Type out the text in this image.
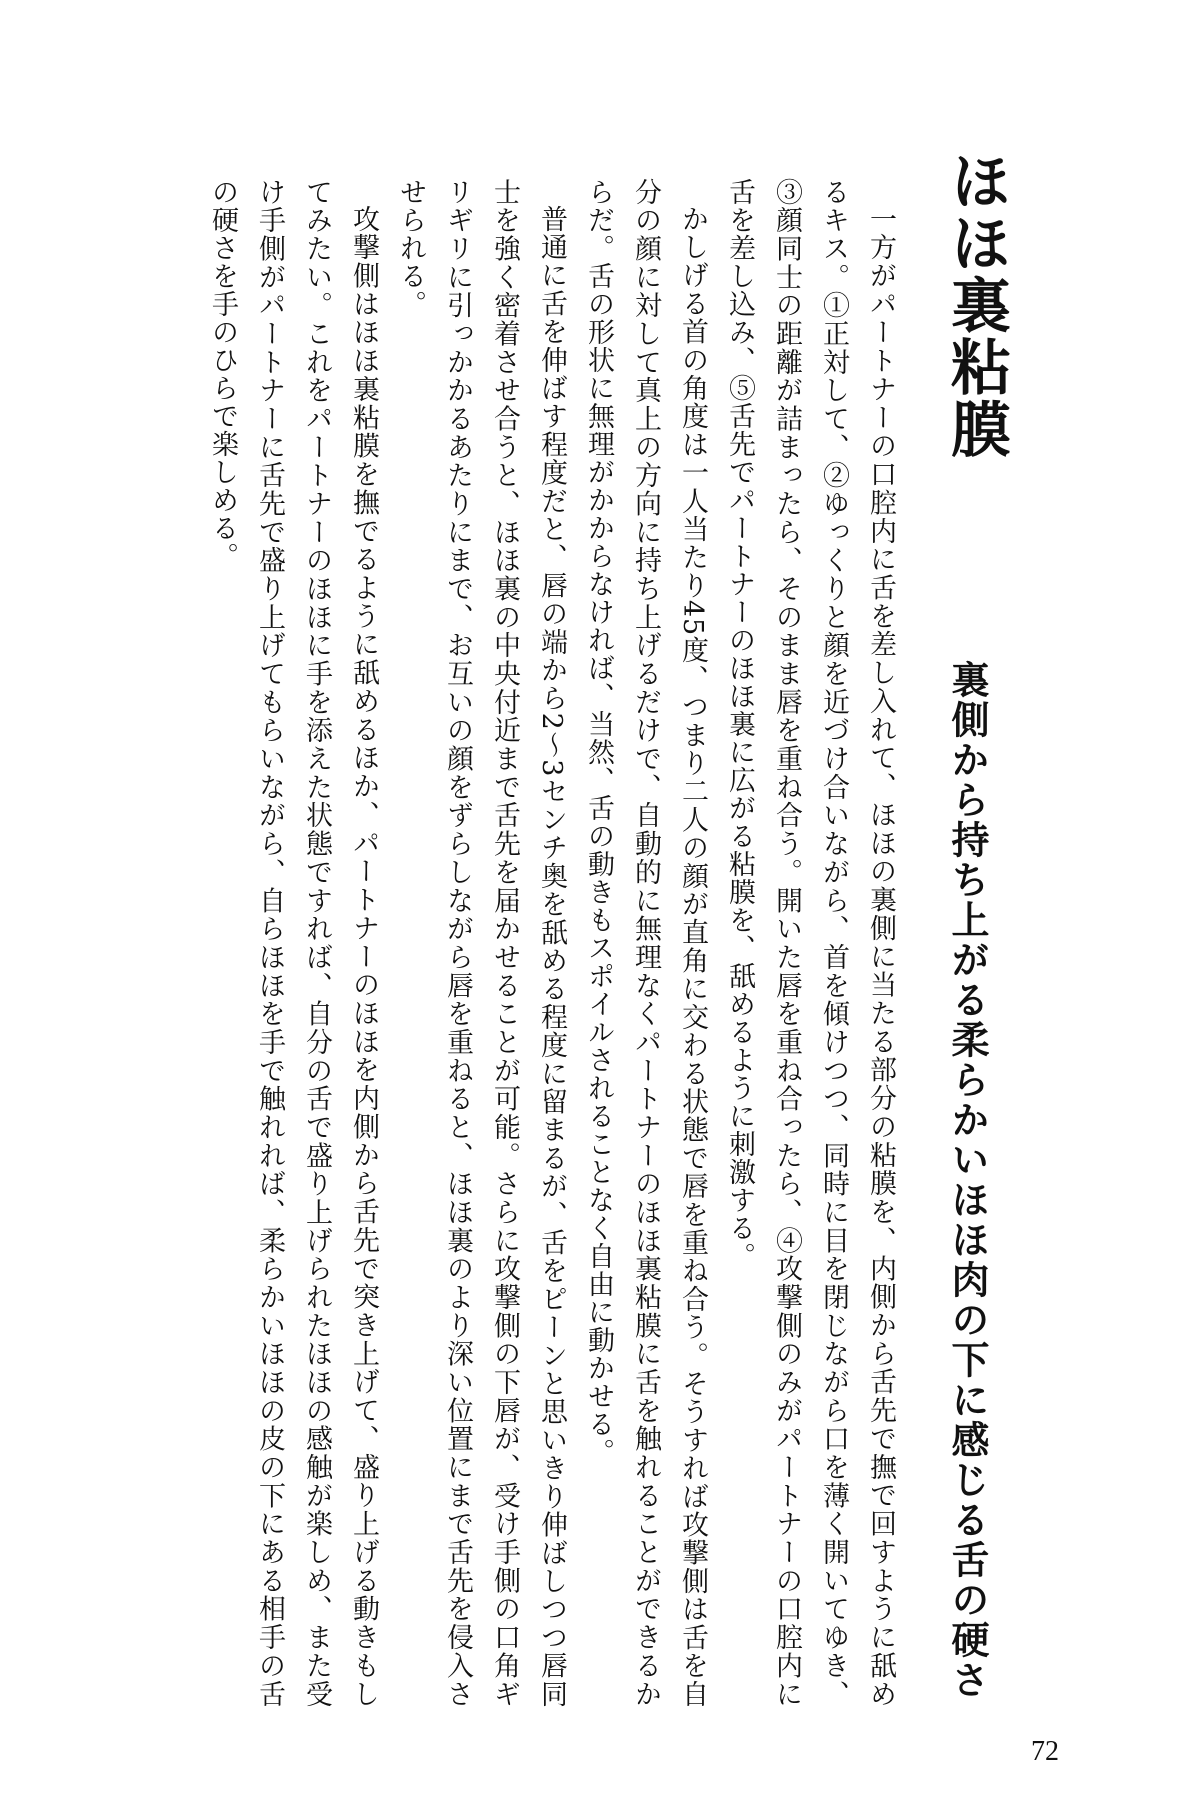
ほほ裏粘膜
裏側から持ち上がる柔らかいほほ肉の下に感じる舌の硬さ

一方がパートナーの口腔内に舌を差し入れて、ほほの裏側に当たる部分の粘膜を、内側から舌先で撫で回すように舐めるキス。①正対して、②ゆっくりと顔を近づけ合いながら、首を傾けつつ、同時に目を閉じながら口を薄く開いてゆき、③顔同士の距離が詰まったら、そのまま唇を重ね合う。開いた唇を重ね合ったら、④攻撃側のみがパートナーの口腔内に舌を差し込み、⑤舌先でパートナーのほほ裏に広がる粘膜を、舐めるように刺激する。

かしげる首の角度は一人当たり45度、つまり二人の顔が直角に交わる状態で唇を重ね合う。そうすれば攻撃側は舌を自分の顔に対して真上の方向に持ち上げるだけで、自動的に無理なくパートナーのほほ裏粘膜に舌を触れることができるからだ。舌の形状に無理がかからなければ、当然、舌の動きもスポイルされることなく自由に動かせる。

普通に舌を伸ばす程度だと、唇の端から2〜3センチ奥を舐める程度に留まるが、舌をピーンと思いきり伸ばしつつ唇同士を強く密着させ合うと、ほほ裏の中央付近まで舌先を届かせることが可能。さらに攻撃側の下唇が、受け手側の口角ギリギリに引っかかるあたりにまで、お互いの顔をずらしながら唇を重ねると、ほほ裏のより深い位置にまで舌先を侵入させられる。

攻撃側はほほ裏粘膜を撫でるように舐めるほか、パートナーのほほを内側から舌先で突き上げて、盛り上げる動きもしてみたい。これをパートナーのほほに手を添えた状態ですれば、自分の舌で盛り上げられたほほの感触が楽しめ、また受け手側がパートナーに舌先で盛り上げてもらいながら、自らほほを手で触れれば、柔らかいほほの皮の下にある相手の舌の硬さを手のひらで楽しめる。

72
